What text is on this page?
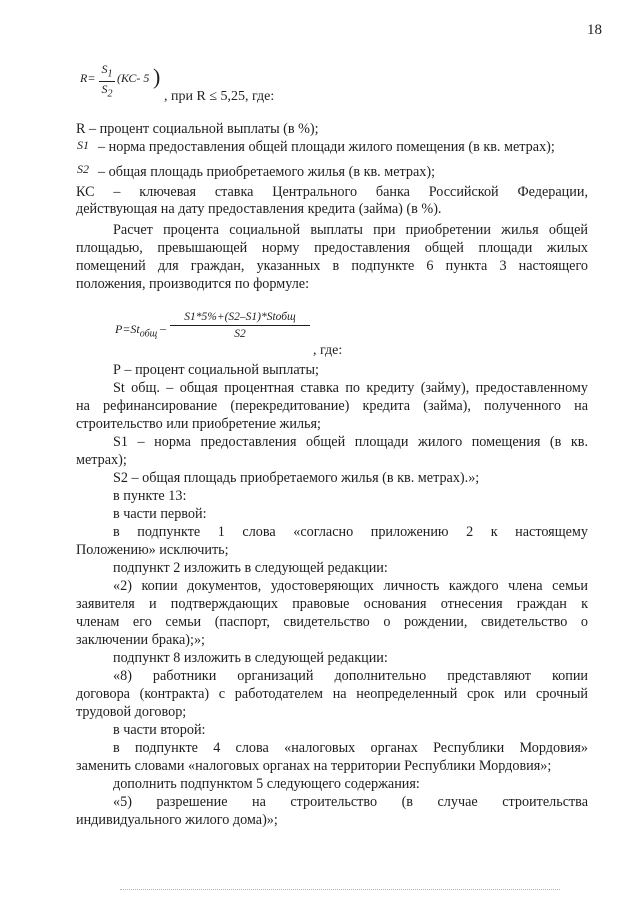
18
R=
$S_1$
$S_2$
(КС- 5 )
, при R ≤ 5,25, где:
R – процент социальной выплаты (в %);
S1 – норма предоставления общей площади жилого помещения (в кв. метрах);
S2 – общая площадь приобретаемого жилья (в кв. метрах);
КС – ключевая ставка Центрального банка Российской Федерации,
действующая на дату предоставления кредита (займа) (в %).
Расчет процента социальной выплаты при приобретении жилья общей
площадью, превышающей норму предоставления общей площади жилых
помещений для граждан, указанных в подпункте 6 пункта 3 настоящего
положения, производится по формуле:
$P=St_{общ}$ –
S1*5%+(S2–S1)*Stобщ
S2
, где:
Р – процент социальной выплаты;
St общ. – общая процентная ставка по кредиту (займу), предоставленному
на рефинансирование (перекредитование) кредита (займа), полученного на
строительство или приобретение жилья;
S1 – норма предоставления общей площади жилого помещения (в кв.
метрах);
S2 – общая площадь приобретаемого жилья (в кв. метрах).»;
в пункте 13:
в части первой:
в подпункте 1 слова «согласно приложению 2 к настоящему
Положению» исключить;
подпункт 2 изложить в следующей редакции:
«2) копии документов, удостоверяющих личность каждого члена семьи
заявителя и подтверждающих правовые основания отнесения граждан к
членам его семьи (паспорт, свидетельство о рождении, свидетельство о
заключении брака);»;
подпункт 8 изложить в следующей редакции:
«8) работники организаций дополнительно представляют копии
договора (контракта) с работодателем на неопределенный срок или срочный
трудовой договор;
в части второй:
в подпункте 4 слова «налоговых органах Республики Мордовия»
заменить словами «налоговых органах на территории Республики Мордовия»;
дополнить подпунктом 5 следующего содержания:
«5) разрешение на строительство (в случае строительства
индивидуального жилого дома)»;
